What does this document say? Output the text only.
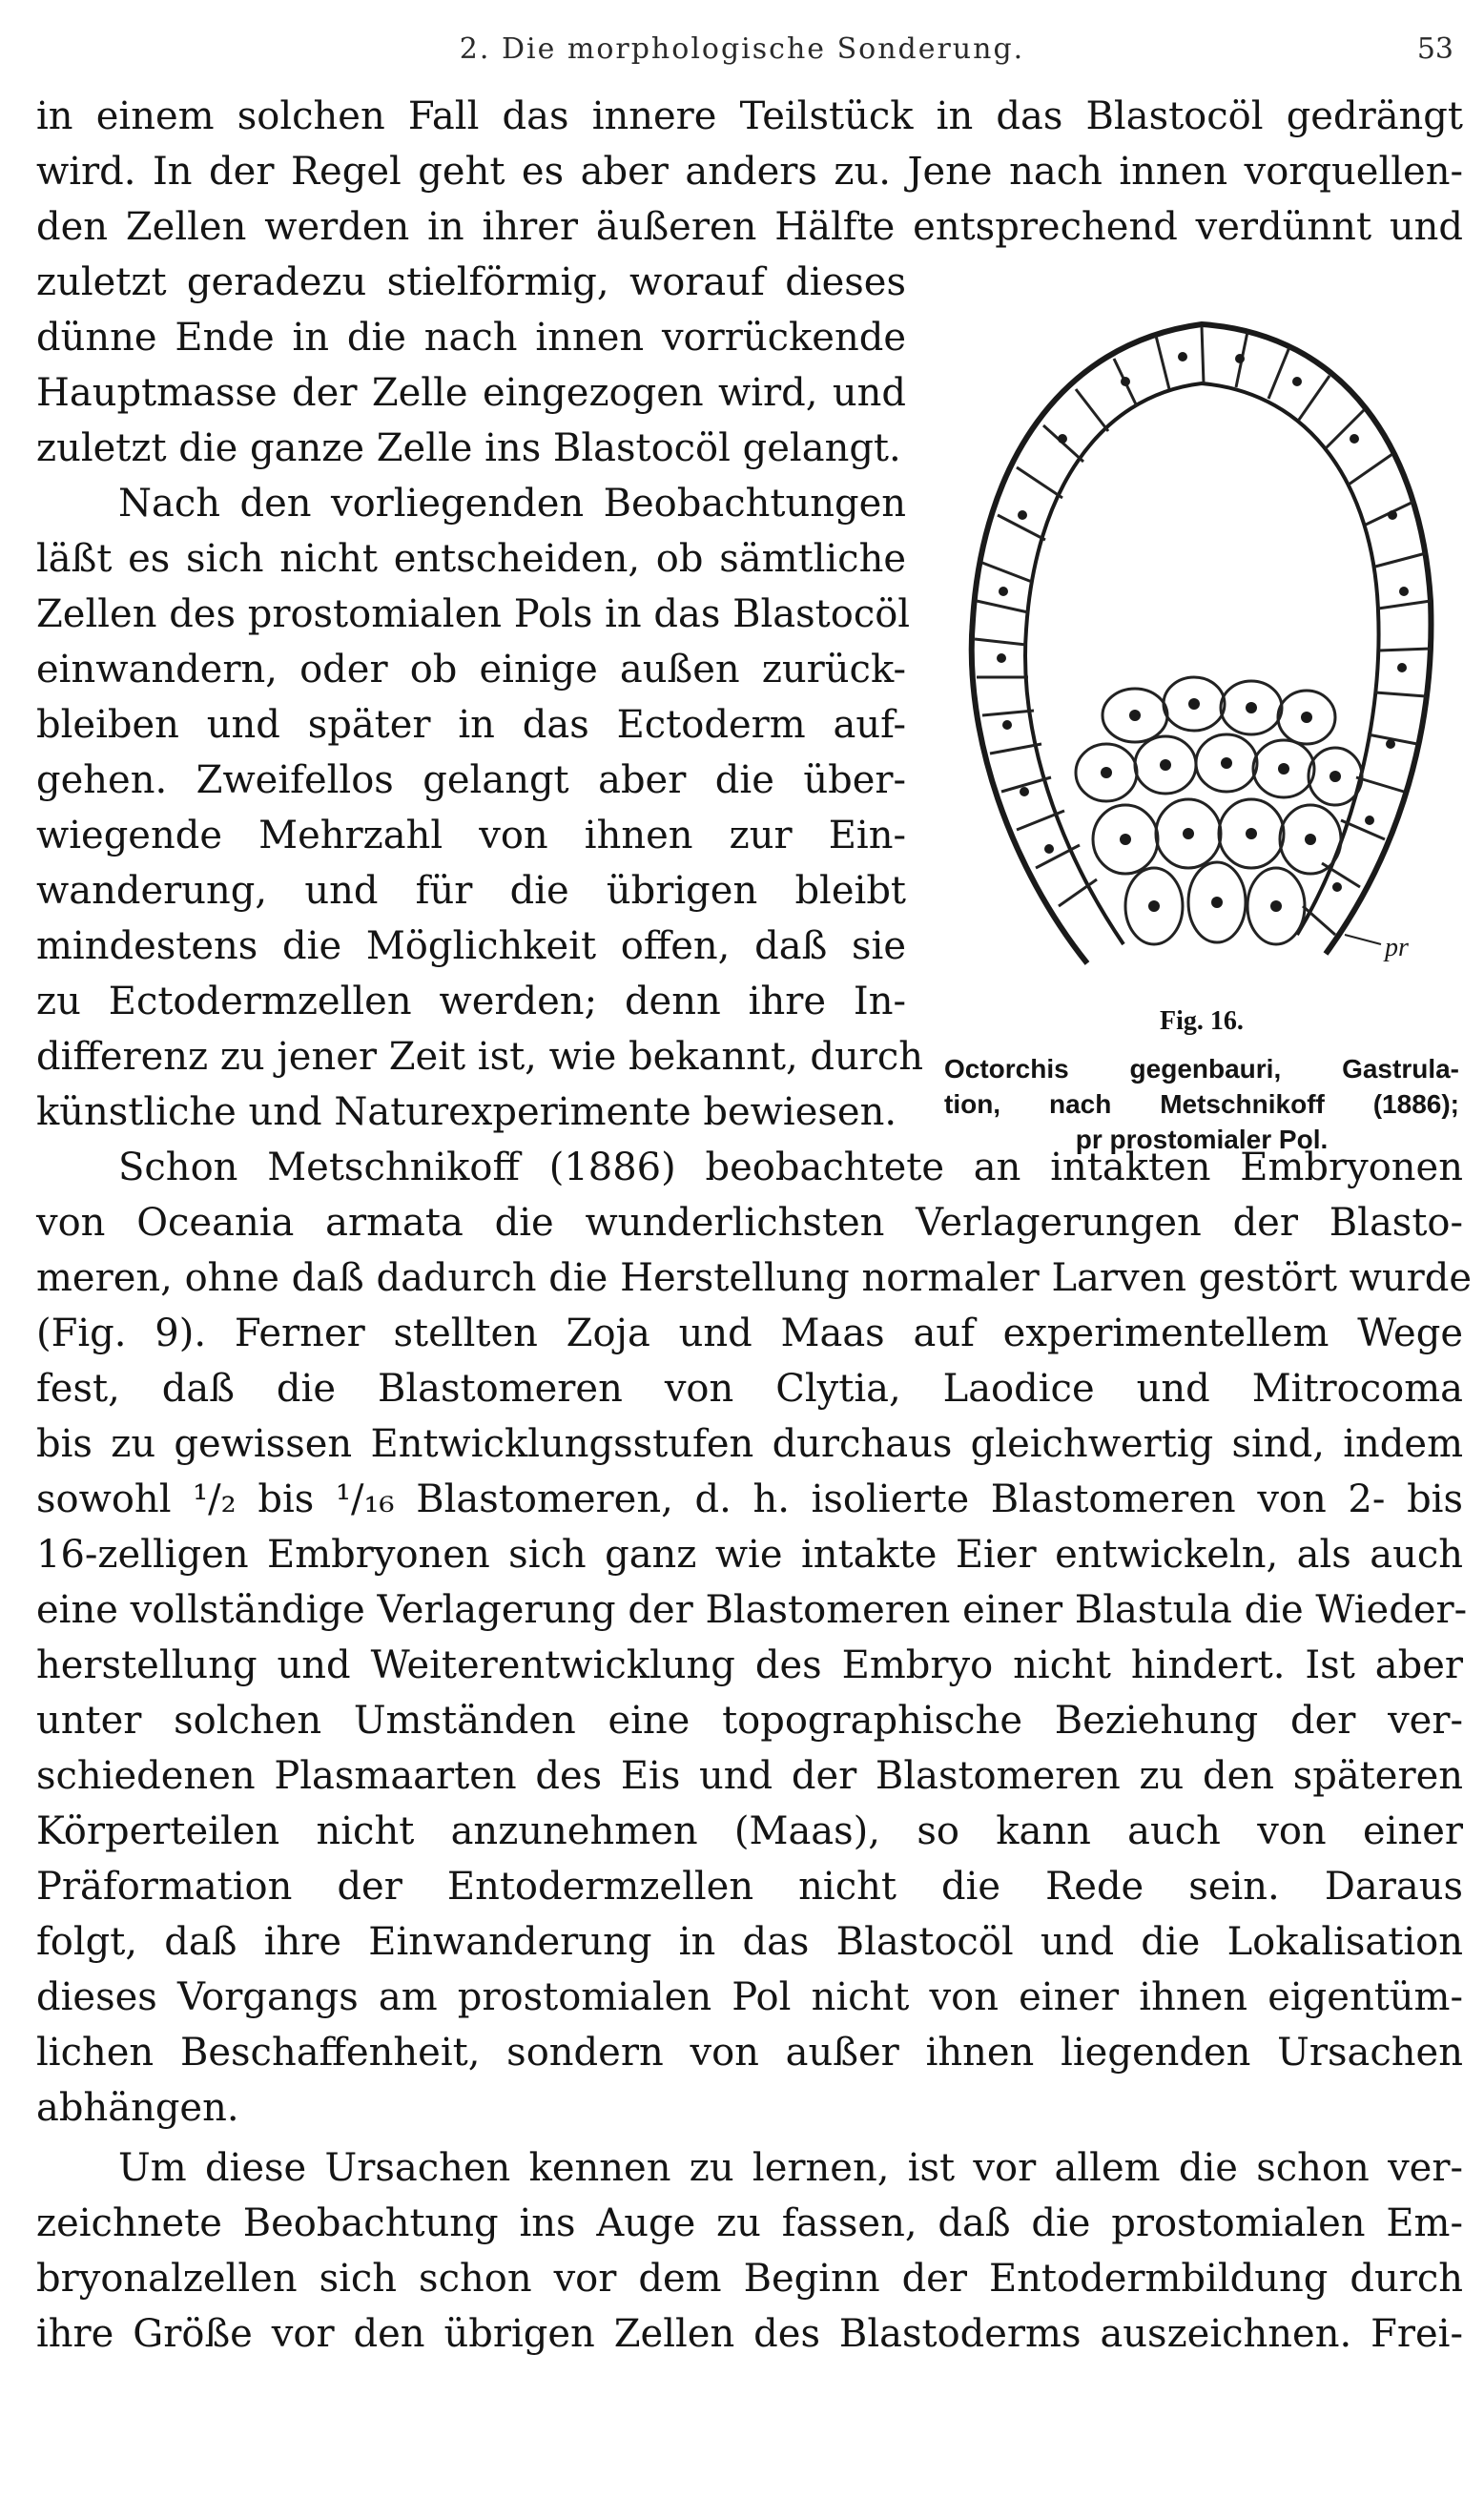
2. Die morphologische Sonderung.	53
in einem solchen Fall das innere Teilstück in das Blastocöl gedrängt
wird. In der Regel geht es aber anders zu. Jene nach innen vorquellen-
den Zellen werden in ihrer äußeren Hälfte entsprechend verdünnt und
zuletzt geradezu stielförmig, worauf dieses
dünne Ende in die nach innen vorrückende
Hauptmasse der Zelle eingezogen wird, und
zuletzt die ganze Zelle ins Blastocöl gelangt.
Nach den vorliegenden Beobachtungen
läßt es sich nicht entscheiden, ob sämtliche
Zellen des prostomialen Pols in das Blastocöl
einwandern, oder ob einige außen zurück-
bleiben und später in das Ectoderm auf-
gehen. Zweifellos gelangt aber die über-
wiegende Mehrzahl von ihnen zur Ein-
wanderung, und für die übrigen bleibt
mindestens die Möglichkeit offen, daß sie
zu Ectodermzellen werden; denn ihre In-
differenz zu jener Zeit ist, wie bekannt, durch
künstliche und Naturexperimente bewiesen.
Schon Metschnikoff (1886) beobachtete an intakten Embryonen
von Oceania armata die wunderlichsten Verlagerungen der Blasto-
meren, ohne daß dadurch die Herstellung normaler Larven gestört wurde
(Fig. 9). Ferner stellten Zoja und Maas auf experimentellem Wege
fest, daß die Blastomeren von Clytia, Laodice und Mitrocoma
bis zu gewissen Entwicklungsstufen durchaus gleichwertig sind, indem
sowohl ¹/₂ bis ¹/₁₆ Blastomeren, d. h. isolierte Blastomeren von 2- bis
16-zelligen Embryonen sich ganz wie intakte Eier entwickeln, als auch
eine vollständige Verlagerung der Blastomeren einer Blastula die Wieder-
herstellung und Weiterentwicklung des Embryo nicht hindert. Ist aber
unter solchen Umständen eine topographische Beziehung der ver-
schiedenen Plasmaarten des Eis und der Blastomeren zu den späteren
Körperteilen nicht anzunehmen (Maas), so kann auch von einer
Präformation der Entodermzellen nicht die Rede sein. Daraus
folgt, daß ihre Einwanderung in das Blastocöl und die Lokalisation
dieses Vorgangs am prostomialen Pol nicht von einer ihnen eigentüm-
lichen Beschaffenheit, sondern von außer ihnen liegenden Ursachen
abhängen.
Um diese Ursachen kennen zu lernen, ist vor allem die schon ver-
zeichnete Beobachtung ins Auge zu fassen, daß die prostomialen Em-
bryonalzellen sich schon vor dem Beginn der Entodermbildung durch
ihre Größe vor den übrigen Zellen des Blastoderms auszeichnen. Frei-
pr
Fig. 16.
Octorchis gegenbauri, Gastrula-
tion, nach Metschnikoff (1886);
pr prostomialer Pol.
